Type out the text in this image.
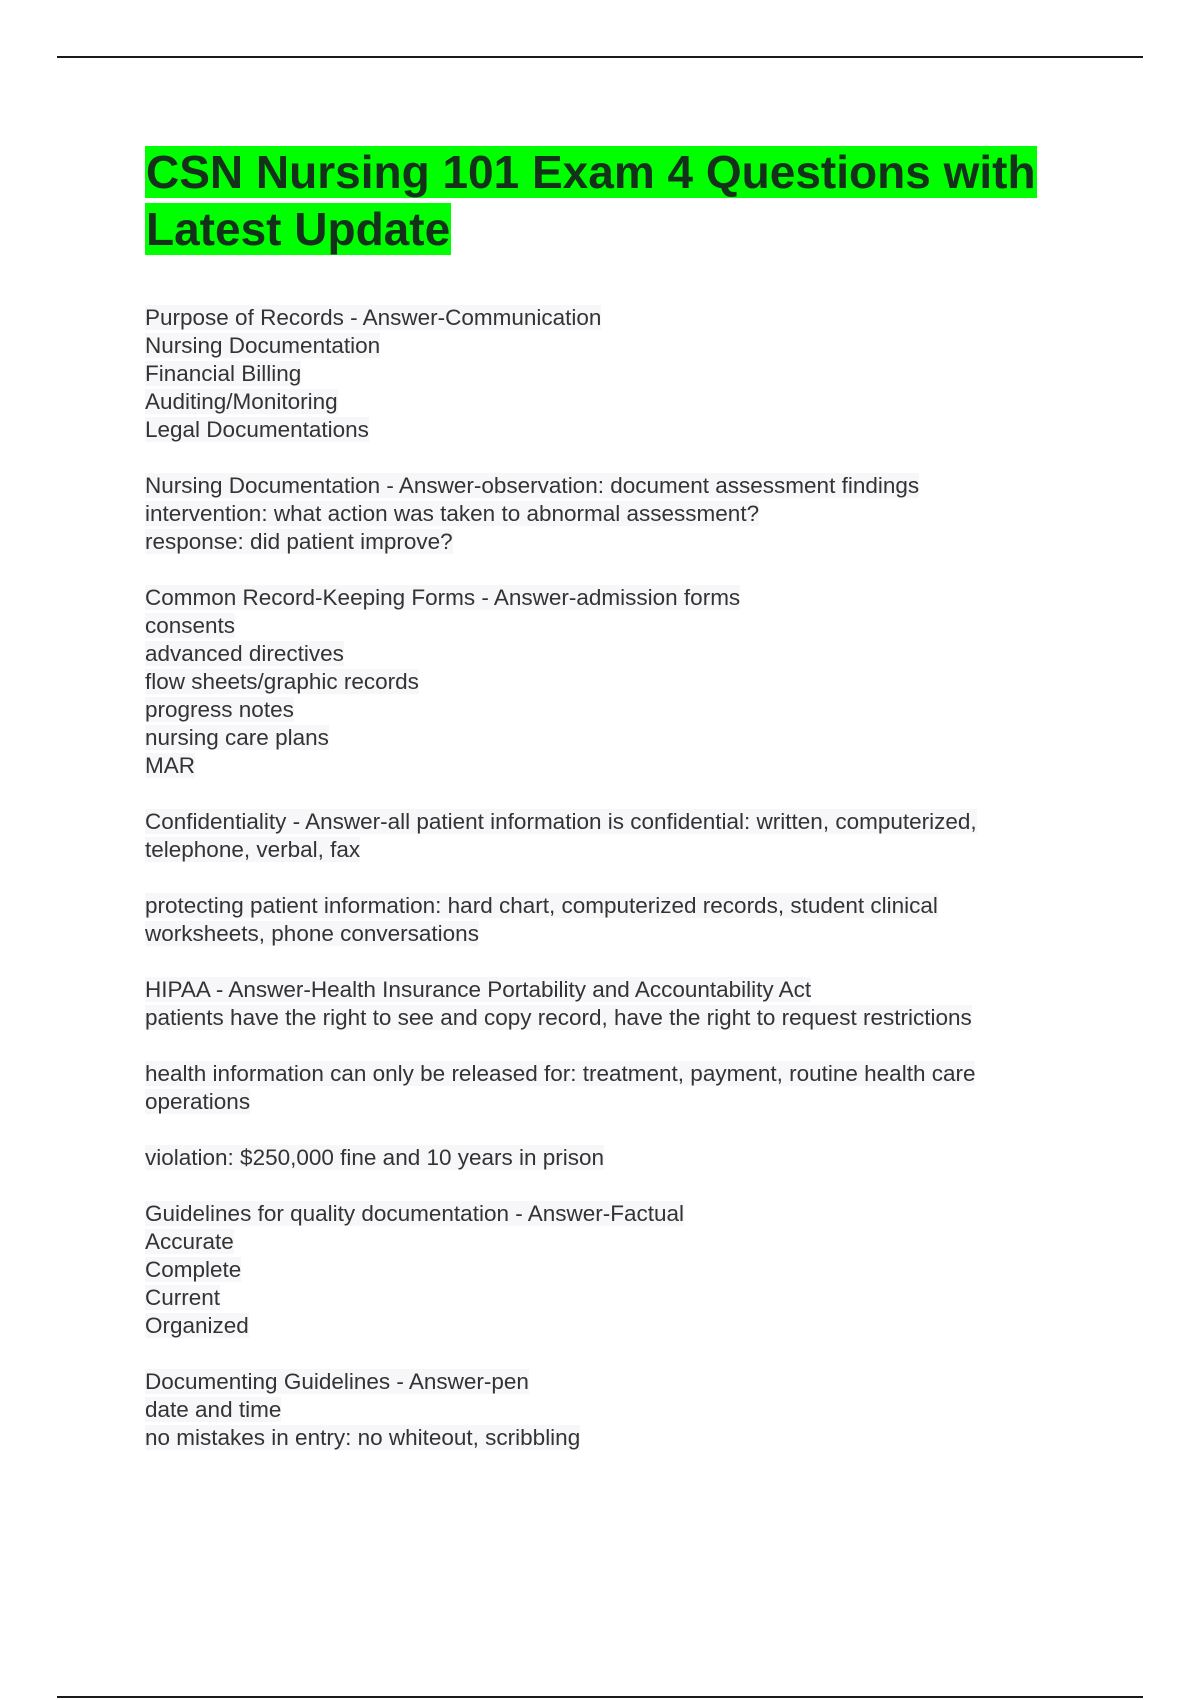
CSN Nursing 101 Exam 4 Questions with
Latest Update
Purpose of Records - Answer-Communication
Nursing Documentation
Financial Billing
Auditing/Monitoring
Legal Documentations
Nursing Documentation - Answer-observation: document assessment findings
intervention: what action was taken to abnormal assessment?
response: did patient improve?
Common Record-Keeping Forms - Answer-admission forms
consents
advanced directives
flow sheets/graphic records
progress notes
nursing care plans
MAR
Confidentiality - Answer-all patient information is confidential: written, computerized,
telephone, verbal, fax
protecting patient information: hard chart, computerized records, student clinical
worksheets, phone conversations
HIPAA - Answer-Health Insurance Portability and Accountability Act
patients have the right to see and copy record, have the right to request restrictions
health information can only be released for: treatment, payment, routine health care
operations
violation: $250,000 fine and 10 years in prison
Guidelines for quality documentation - Answer-Factual
Accurate
Complete
Current
Organized
Documenting Guidelines - Answer-pen
date and time
no mistakes in entry: no whiteout, scribbling
